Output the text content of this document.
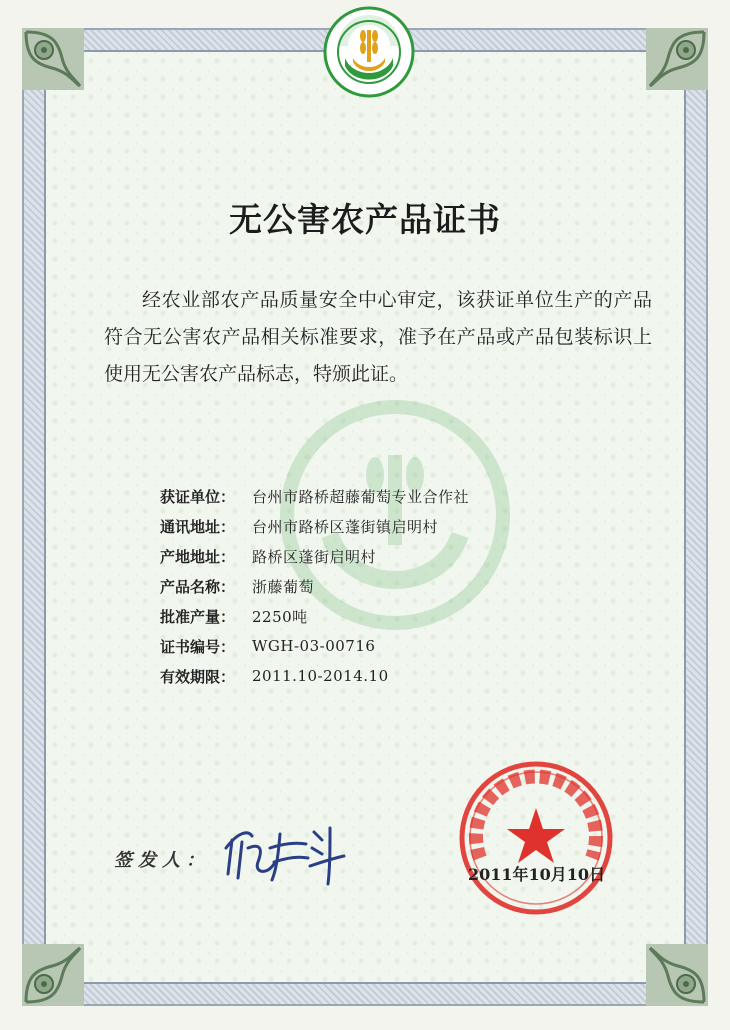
无公害农产品证书
经农业部农产品质量安全中心审定，该获证单位生产的产品符合无公害农产品相关标准要求，准予在产品或产品包装标识上使用无公害农产品标志，特颁此证。
获证单位：	台州市路桥超藤葡萄专业合作社
通讯地址：	台州市路桥区蓬街镇启明村
产地地址：	路桥区蓬街启明村
产品名称：	浙藤葡萄
批准产量：	2250吨
证书编号：	WGH-03-00716
有效期限：	2011.10-2014.10
签发人：
2011年10月10日
